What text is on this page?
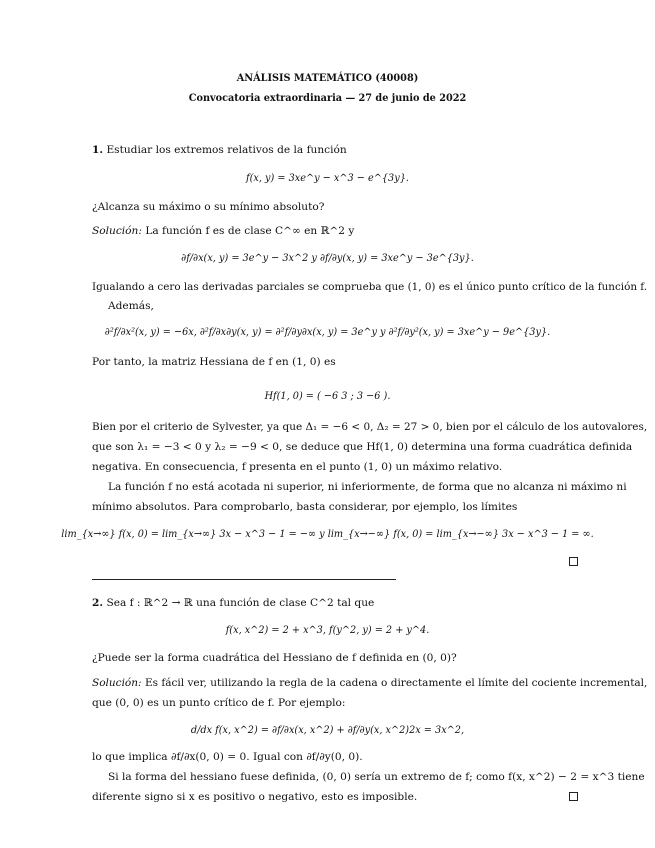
ANÁLISIS MATEMÁTICO (40008)
Convocatoria extraordinaria — 27 de junio de 2022
1. Estudiar los extremos relativos de la función
f(x, y) = 3xe^y − x^3 − e^{3y}.
¿Alcanza su máximo o su mínimo absoluto?
Solución: La función f es de clase C^∞ en ℝ^2 y
∂f/∂x(x, y) = 3e^y − 3x^2 y ∂f/∂y(x, y) = 3xe^y − 3e^{3y}.
Igualando a cero las derivadas parciales se comprueba que (1, 0) es el único punto crítico de la función f.
Además,
∂²f/∂x²(x, y) = −6x, ∂²f/∂x∂y(x, y) = ∂²f/∂y∂x(x, y) = 3e^y y ∂²f/∂y²(x, y) = 3xe^y − 9e^{3y}.
Por tanto, la matriz Hessiana de f en (1, 0) es
Hf(1, 0) = ( −6 3 ; 3 −6 ).
Bien por el criterio de Sylvester, ya que Δ₁ = −6 < 0, Δ₂ = 27 > 0, bien por el cálculo de los autovalores,
que son λ₁ = −3 < 0 y λ₂ = −9 < 0, se deduce que Hf(1, 0) determina una forma cuadrática definida
negativa. En consecuencia, f presenta en el punto (1, 0) un máximo relativo.
La función f no está acotada ni superior, ni inferiormente, de forma que no alcanza ni máximo ni
mínimo absolutos. Para comprobarlo, basta considerar, por ejemplo, los límites
lim_{x→∞} f(x, 0) = lim_{x→∞} 3x − x^3 − 1 = −∞ y lim_{x→−∞} f(x, 0) = lim_{x→−∞} 3x − x^3 − 1 = ∞.
2. Sea f : ℝ^2 → ℝ una función de clase C^2 tal que
f(x, x^2) = 2 + x^3, f(y^2, y) = 2 + y^4.
¿Puede ser la forma cuadrática del Hessiano de f definida en (0, 0)?
Solución: Es fácil ver, utilizando la regla de la cadena o directamente el límite del cociente incremental,
que (0, 0) es un punto crítico de f. Por ejemplo:
d/dx f(x, x^2) = ∂f/∂x(x, x^2) + ∂f/∂y(x, x^2)2x = 3x^2,
lo que implica ∂f/∂x(0, 0) = 0. Igual con ∂f/∂y(0, 0).
Si la forma del hessiano fuese definida, (0, 0) sería un extremo de f; como f(x, x^2) − 2 = x^3 tiene
diferente signo si x es positivo o negativo, esto es imposible.
